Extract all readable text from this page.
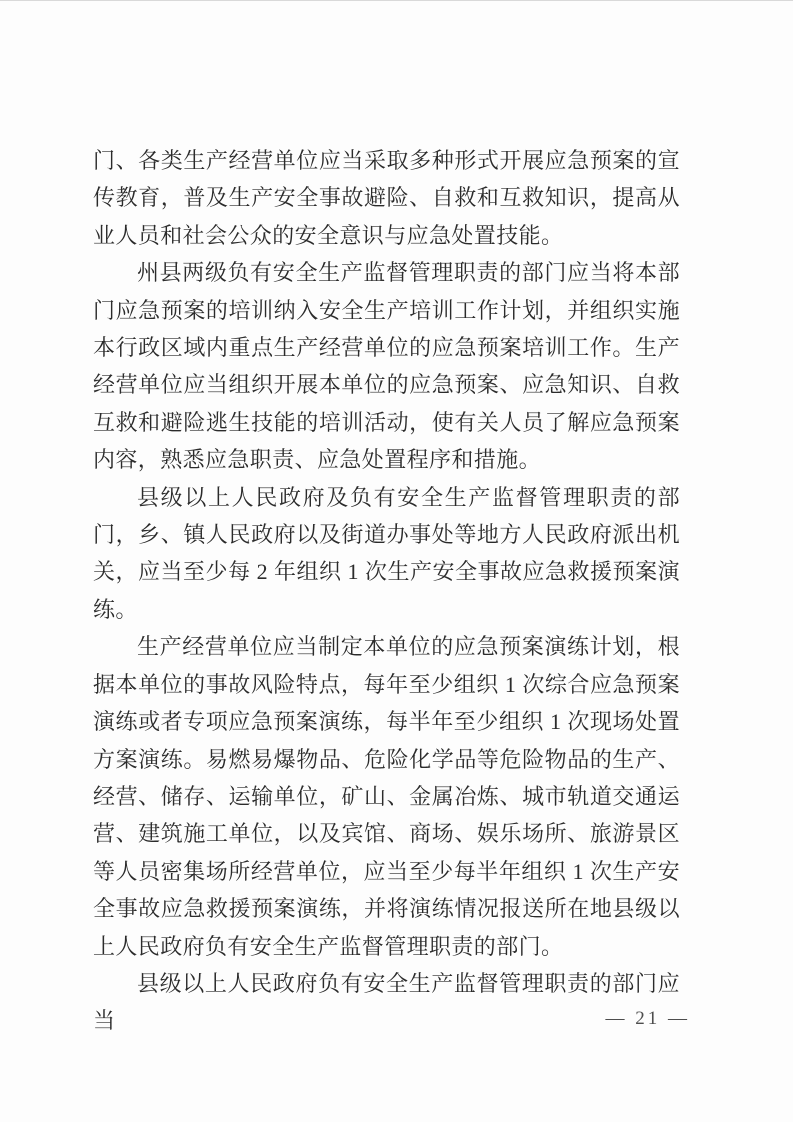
门、各类生产经营单位应当采取多种形式开展应急预案的宣传教育，普及生产安全事故避险、自救和互救知识，提高从业人员和社会公众的安全意识与应急处置技能。

州县两级负有安全生产监督管理职责的部门应当将本部门应急预案的培训纳入安全生产培训工作计划，并组织实施本行政区域内重点生产经营单位的应急预案培训工作。生产经营单位应当组织开展本单位的应急预案、应急知识、自救互救和避险逃生技能的培训活动，使有关人员了解应急预案内容，熟悉应急职责、应急处置程序和措施。

县级以上人民政府及负有安全生产监督管理职责的部门，乡、镇人民政府以及街道办事处等地方人民政府派出机关，应当至少每 2 年组织 1 次生产安全事故应急救援预案演练。

生产经营单位应当制定本单位的应急预案演练计划，根据本单位的事故风险特点，每年至少组织 1 次综合应急预案演练或者专项应急预案演练，每半年至少组织 1 次现场处置方案演练。易燃易爆物品、危险化学品等危险物品的生产、经营、储存、运输单位，矿山、金属冶炼、城市轨道交通运营、建筑施工单位，以及宾馆、商场、娱乐场所、旅游景区等人员密集场所经营单位，应当至少每半年组织 1 次生产安全事故应急救援预案演练，并将演练情况报送所在地县级以上人民政府负有安全生产监督管理职责的部门。

县级以上人民政府负有安全生产监督管理职责的部门应当	— 21 —
